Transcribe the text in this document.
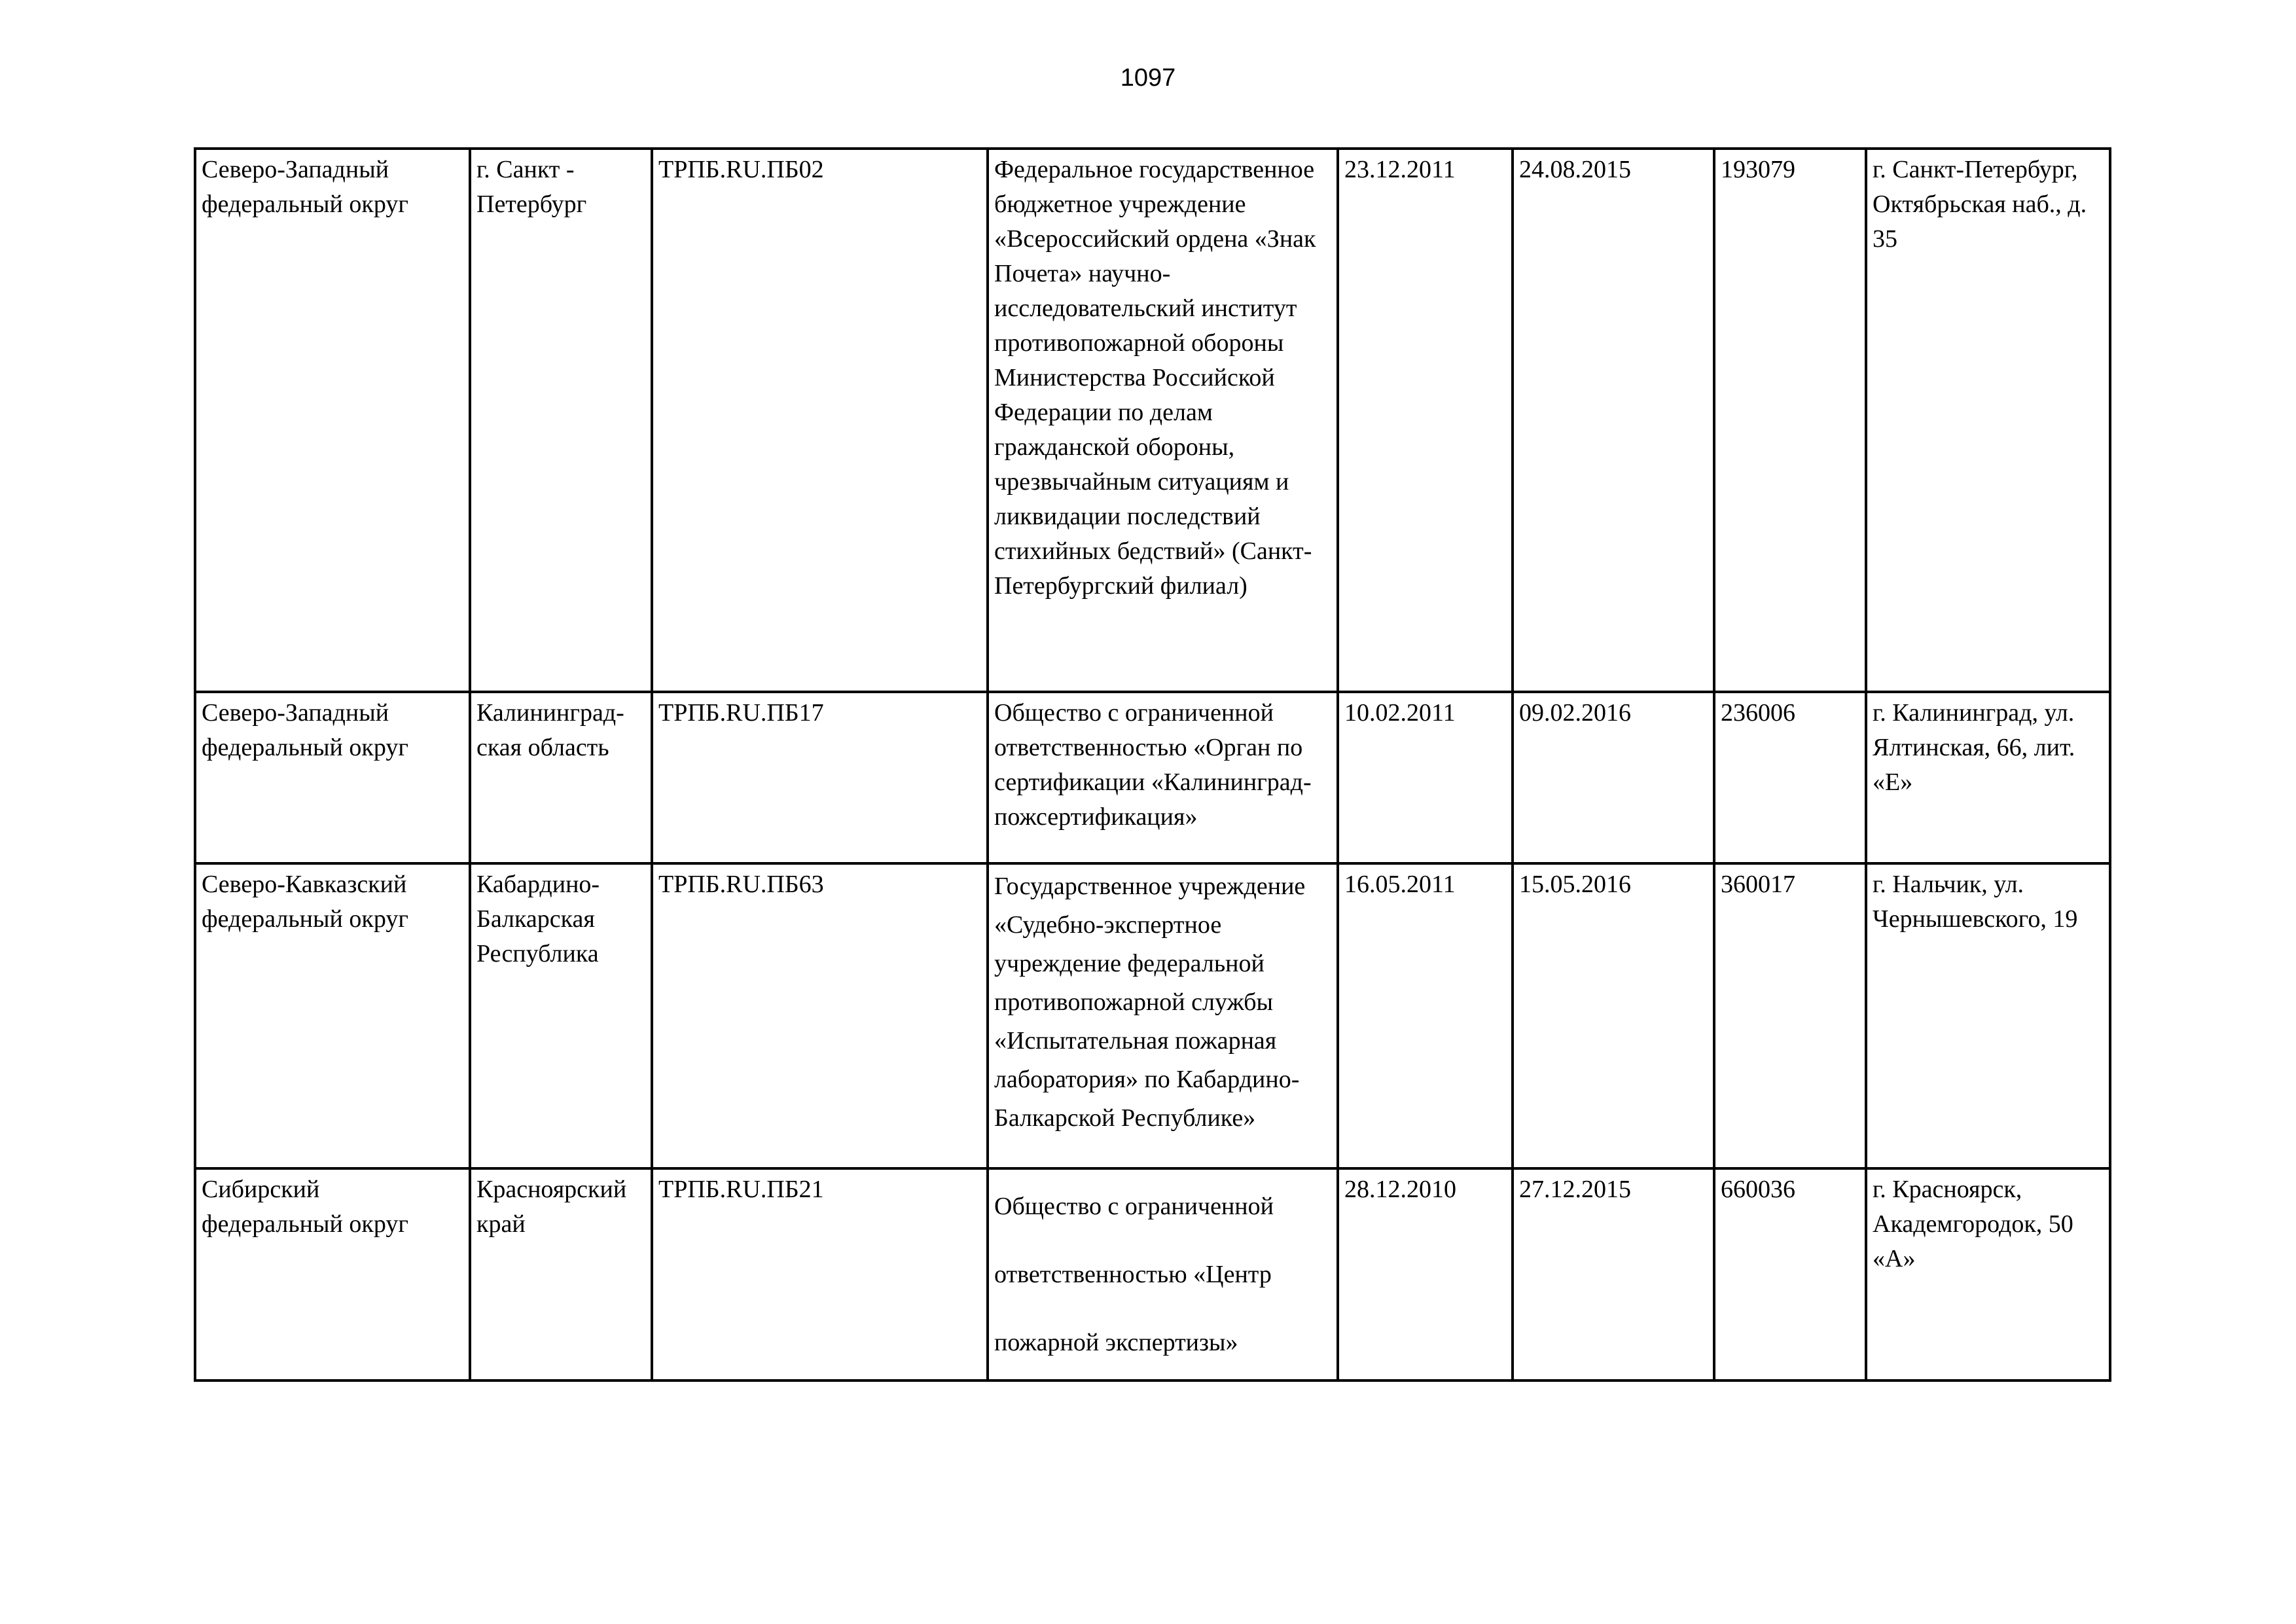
1097
Северо-Западный федеральный округ	г. Санкт - Петербург	ТРПБ.RU.ПБ02	Федеральное государственное бюджетное учреждение «Всероссийский ордена «Знак Почета» научно-исследовательский институт противопожарной обороны Министерства Российской Федерации по делам гражданской обороны, чрезвычайным ситуациям и ликвидации последствий стихийных бедствий» (Санкт-Петербургский филиал)	23.12.2011	24.08.2015	193079	г. Санкт-Петербург, Октябрьская наб., д. 35
Северо-Западный федеральный округ	Калининград-ская область	ТРПБ.RU.ПБ17	Общество с ограниченной ответственностью «Орган по сертификации «Калининград-пожсертификация»	10.02.2011	09.02.2016	236006	г. Калининград, ул. Ялтинская, 66, лит. «Е»
Северо-Кавказский федеральный округ	Кабардино-Балкарская Республика	ТРПБ.RU.ПБ63	Государственное учреждение «Судебно-экспертное учреждение федеральной противопожарной службы «Испытательная пожарная лаборатория» по Кабардино-Балкарской Республике»	16.05.2011	15.05.2016	360017	г. Нальчик, ул. Чернышевского, 19
Сибирский федеральный округ	Красноярский край	ТРПБ.RU.ПБ21	Общество с ограниченной ответственностью «Центр пожарной экспертизы»	28.12.2010	27.12.2015	660036	г. Красноярск, Академгородок, 50 «А»
